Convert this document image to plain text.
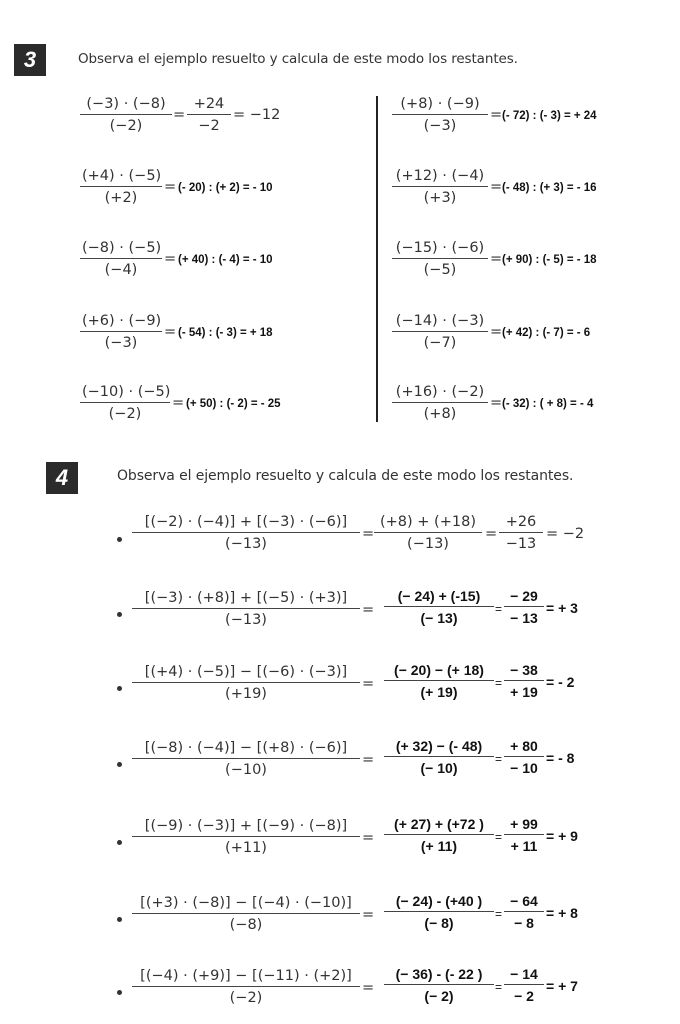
3	Observa el ejemplo resuelto y calcula de este modo los restantes.
$\frac{(-3) \cdot (-8)}{(-2)} = \frac{+24}{-2} = -12$
$\frac{(+4) \cdot (-5)}{(+2)}$ = (- 20) : (+ 2) = - 10
$\frac{(-8) \cdot (-5)}{(-4)}$ = (+ 40) : (- 4) = - 10
$\frac{(+6) \cdot (-9)}{(-3)}$ = (- 54) : (- 3) = + 18
$\frac{(-10) \cdot (-5)}{(-2)}$ = (+ 50) : (- 2) = - 25
$\frac{(+8) \cdot (-9)}{(-3)}$ = (- 72) : (- 3) = + 24
$\frac{(+12) \cdot (-4)}{(+3)}$ = (- 48) : (+ 3) = - 16
$\frac{(-15) \cdot (-6)}{(-5)}$ = (+ 90) : (- 5) = - 18
$\frac{(-14) \cdot (-3)}{(-7)}$ = (+ 42) : (- 7) = - 6
$\frac{(+16) \cdot (-2)}{(+8)}$ = (- 32) : ( + 8) = - 4
4	Observa el ejemplo resuelto y calcula de este modo los restantes.
$\frac{[(-2) \cdot (-4)] + [(-3) \cdot (-6)]}{(-13)} = \frac{(+8) + (+18)}{(-13)} = \frac{+26}{-13} = -2$
$\frac{[(-3) \cdot (+8)] + [(-5) \cdot (+3)]}{(-13)} = \frac{(- 24) + (-15)}{(- 13)} = \frac{- 29}{- 13}$ = + 3
$\frac{[(+4) \cdot (-5)] - [(-6) \cdot (-3)]}{(+19)} = \frac{(- 20) - (+ 18)}{(+ 19)} = \frac{- 38}{+ 19}$ = - 2
$\frac{[(-8) \cdot (-4)] - [(+8) \cdot (-6)]}{(-10)} = \frac{(+ 32) - (- 48)}{(- 10)} = \frac{+ 80}{- 10}$ = - 8
$\frac{[(-9) \cdot (-3)] + [(-9) \cdot (-8)]}{(+11)} = \frac{(+ 27) + (+72 )}{(+ 11)} = \frac{+ 99}{+ 11}$ = + 9
$\frac{[(+3) \cdot (-8)] - [(-4) \cdot (-10)]}{(-8)} = \frac{(- 24) - (+40 )}{(- 8)} = \frac{- 64}{- 8}$ = + 8
$\frac{[(-4) \cdot (+9)] - [(-11) \cdot (+2)]}{(-2)} = \frac{(- 36) - (- 22 )}{(- 2)} = \frac{- 14}{- 2}$ = + 7
